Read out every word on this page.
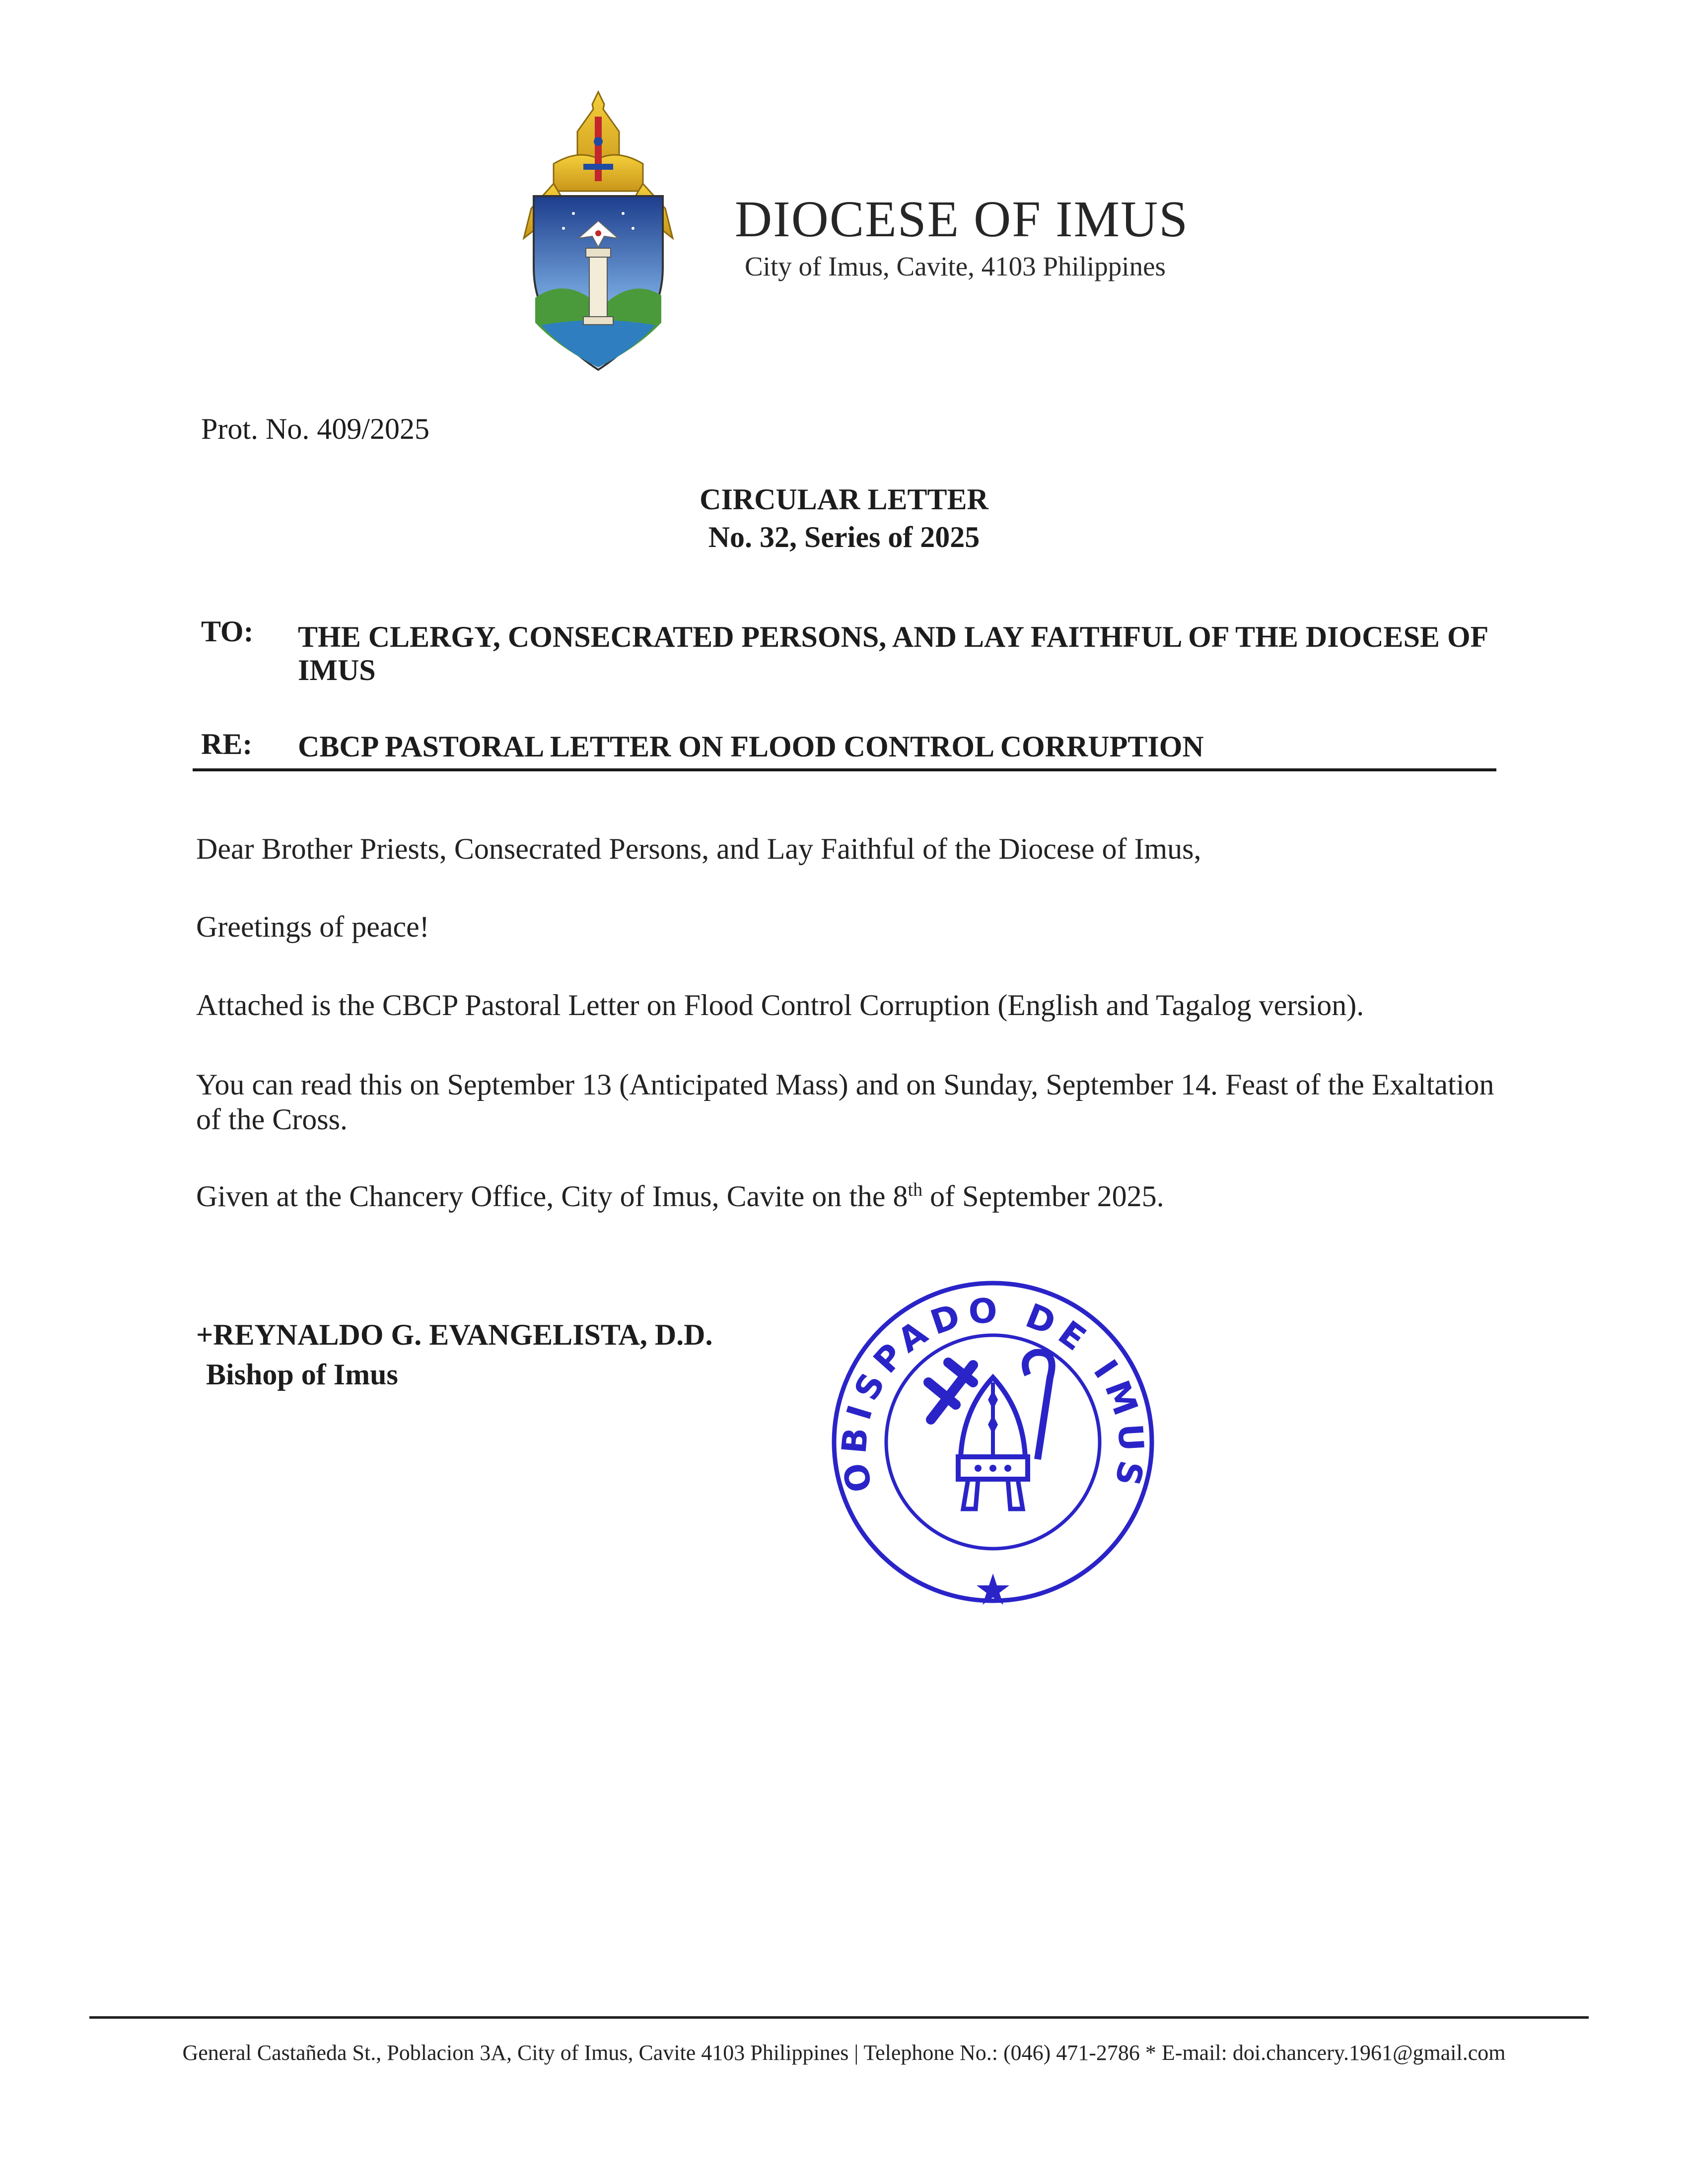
DIOCESE OF IMUS
City of Imus, Cavite, 4103 Philippines
Prot. No. 409/2025
CIRCULAR LETTER
No. 32, Series of 2025
TO: THE CLERGY, CONSECRATED PERSONS, AND LAY FAITHFUL OF THE DIOCESE OF IMUS
RE: CBCP PASTORAL LETTER ON FLOOD CONTROL CORRUPTION
Dear Brother Priests, Consecrated Persons, and Lay Faithful of the Diocese of Imus,
Greetings of peace!
Attached is the CBCP Pastoral Letter on Flood Control Corruption (English and Tagalog version).
You can read this on September 13 (Anticipated Mass) and on Sunday, September 14. Feast of the Exaltation of the Cross.
Given at the Chancery Office, City of Imus, Cavite on the 8th of September 2025.
+REYNALDO G. EVANGELISTA, D.D.
Bishop of Imus
OBISPADO DE IMUS
General Castañeda St., Poblacion 3A, City of Imus, Cavite 4103 Philippines | Telephone No.: (046) 471-2786 * E-mail: doi.chancery.1961@gmail.com
